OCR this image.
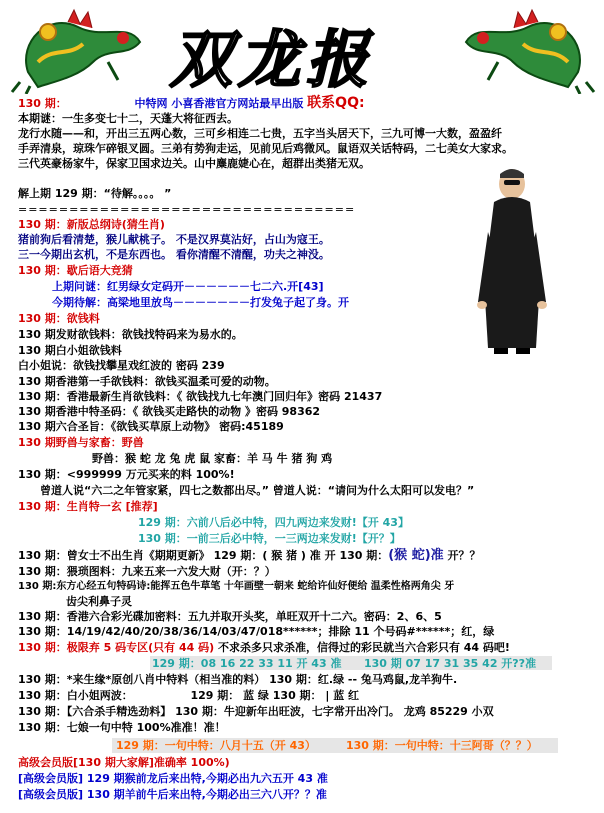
双龙报
130 期：	中特网 小喜香港官方网站最早出版 联系QQ:
本期谜：一生多变七十二，天蓬大将征西去。
龙行水随——和，开出三五两心数，三可乡相连二七贵，五字当头居天下，三九可博一大数，盈盈纤
手弄清泉，琼珠乍碎银叉圆。三弟有势狗走运，见前见后鸡微风。鼠语双关话特码，二七美女大家求。
三代英豪杨家牛，保家卫国求边关。山中麋鹿婕心在，超群出类猪无双。
解上期 129 期：“待解。。。。 ”
=================================
130 期：新版总纲诗(猜生肖)
猪前狗后看清楚，猴儿献桃子。 不是汉界莫沾好，占山为寇王。
三一今期出玄机，不是东西也。 看你清醒不清醒，功夫之神没。
130 期：歇后语大竞猜
上期问谜：红男绿女定码开－－－－－－七二六.开[43]
今期待解：高梁地里放鸟－－－－－－－打发兔子起了身。开
130 期：欲钱料
130 期发财欲钱料：欲钱找特码来为易水的。
130 期白小姐欲钱料
白小姐说：欲钱找攀星戏红波的 密码 239
130 期香港第一手欲钱料：欲钱买温柔可爱的动物。
130 期：香港最新生肖欲钱料：《 欲钱找九七年澳门回归年》密码 21437
130 期香港中特圣码：《 欲钱买走路快的动物 》密码 98362
130 期六合圣旨：《欲钱买草原上动物》 密码:45189
130 期野兽与家畜：野兽
野兽：猴 蛇 龙 兔 虎 鼠 家畜：羊 马 牛 猪 狗 鸡
130 期：<999999 万元买来的料 100%!
曾道人说“六二之年管家紧，四七之数都出尽。” 曾道人说：“请问为什么太阳可以发电？”
130 期：生肖特一玄 [推荐]
129 期：六前八后必中特，四九两边来发财!【开 43】
130 期：一前三后必中特，一三两边来发财!【开？】
130 期：曾女士不出生肖《期期更新》 129 期：( 猴 猪 ) 准 开 130 期：(猴 蛇)准 开？？
130 期：猥琐图料：九来五来一六发大财（开：？）
130 期:东方心经五句特码诗:能挥五色牛草笔 十年画壁一朝来 蛇给许仙好便给 温柔性格两角尖 牙
齿尖利鼻子灵
130 期：香港六合彩光碟加密料：五九并取开头奖，单旺双开十二六。密码：2、6、5
130 期：14/19/42/40/20/38/36/14/03/47/018******；排除 11 个号码#******；红，绿
130 期：极限弃 5 码专区(只有 44 码) 不求杀多只求杀准，信得过的彩民就当六合彩只有 44 码吧!
129 期：08 16 22 33 11 开 43 准 130 期 07 17 31 35 42 开??准
130 期：*来生缘*原创八肖中特料（相当准的料） 130 期：红.绿 -- 兔马鸡鼠,龙羊狗牛.
130 期：白小姐两波：	129 期： 蓝 绿 130 期： | 蓝 红
130 期：【六合杀手精选劲料】 130 期：牛迎新年出旺波，七字常开出冷门。 龙鸡 85229 小双
130 期：七娘一句中特 100%准准！准！
129 期：一句中特：八月十五（开 43）	130 期：一句中特：十三阿哥（？？）
高级会员版[130 期大家解]准确率 100%)
[高级会员版] 129 期猴前龙后来出特,今期必出九六五开 43 准
[高级会员版] 130 期羊前牛后来出特,今期必出三六八开？？准
